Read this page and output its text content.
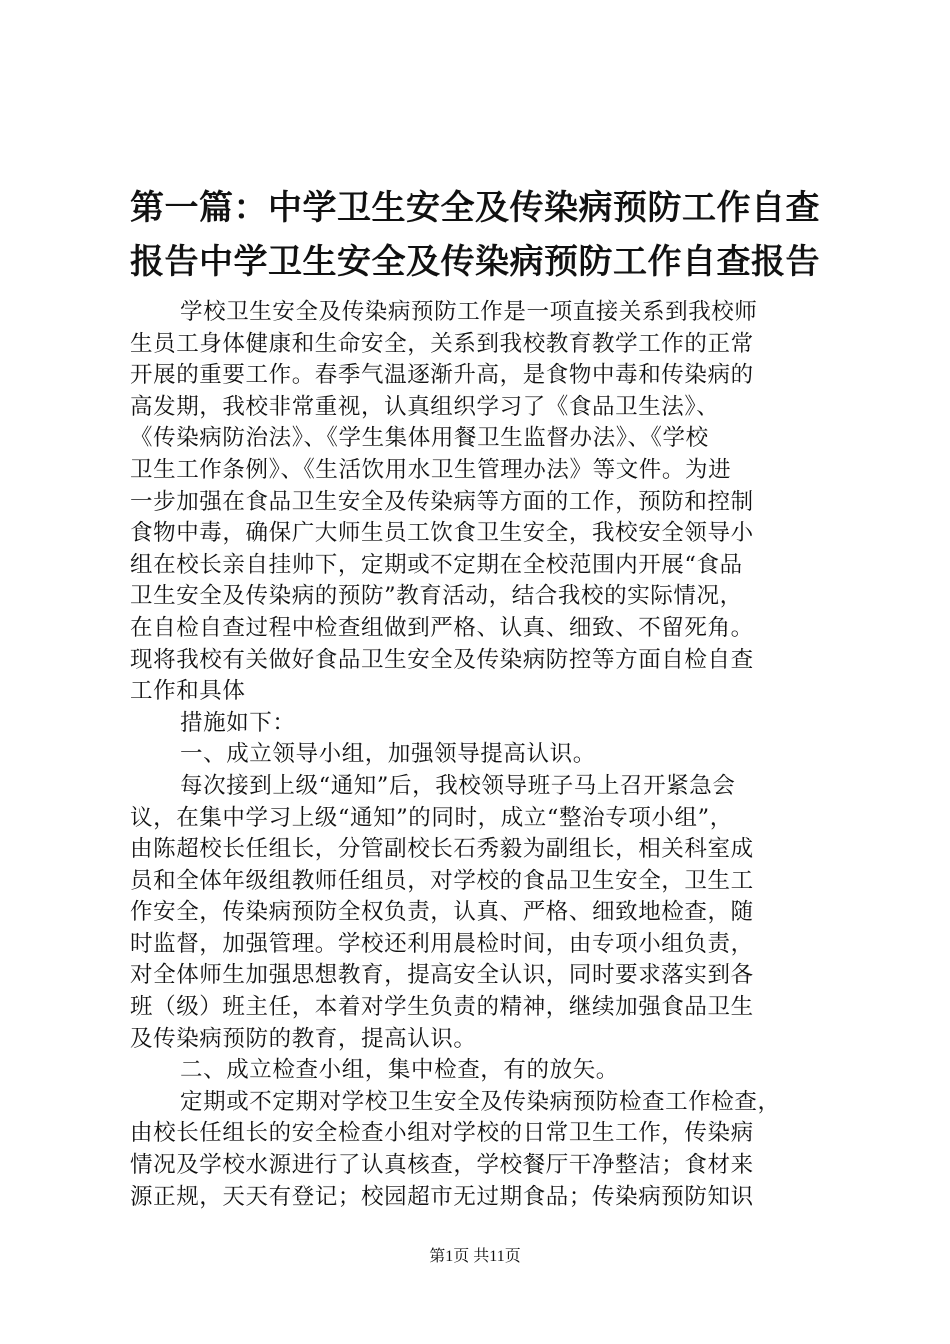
第一篇：中学卫生安全及传染病预防工作自查
报告中学卫生安全及传染病预防工作自查报告
学校卫生安全及传染病预防工作是一项直接关系到我校师
生员工身体健康和生命安全，关系到我校教育教学工作的正常
开展的重要工作。春季气温逐渐升高，是食物中毒和传染病的
高发期，我校非常重视，认真组织学习了《食品卫生法》、
《传染病防治法》、《学生集体用餐卫生监督办法》、《学校
卫生工作条例》、《生活饮用水卫生管理办法》等文件。为进
一步加强在食品卫生安全及传染病等方面的工作，预防和控制
食物中毒，确保广大师生员工饮食卫生安全，我校安全领导小
组在校长亲自挂帅下，定期或不定期在全校范围内开展“食品
卫生安全及传染病的预防”教育活动，结合我校的实际情况，
在自检自查过程中检查组做到严格、认真、细致、不留死角。
现将我校有关做好食品卫生安全及传染病防控等方面自检自查
工作和具体
措施如下：
一、成立领导小组，加强领导提高认识。
每次接到上级“通知”后，我校领导班子马上召开紧急会
议，在集中学习上级“通知”的同时，成立“整治专项小组”，
由陈超校长任组长，分管副校长石秀毅为副组长，相关科室成
员和全体年级组教师任组员，对学校的食品卫生安全，卫生工
作安全，传染病预防全权负责，认真、严格、细致地检查，随
时监督，加强管理。学校还利用晨检时间，由专项小组负责，
对全体师生加强思想教育，提高安全认识，同时要求落实到各
班（级）班主任，本着对学生负责的精神，继续加强食品卫生
及传染病预防的教育，提高认识。
二、成立检查小组，集中检查，有的放矢。
定期或不定期对学校卫生安全及传染病预防检查工作检查，
由校长任组长的安全检查小组对学校的日常卫生工作，传染病
情况及学校水源进行了认真核查，学校餐厅干净整洁；食材来
源正规，天天有登记；校园超市无过期食品；传染病预防知识
第1页 共11页
